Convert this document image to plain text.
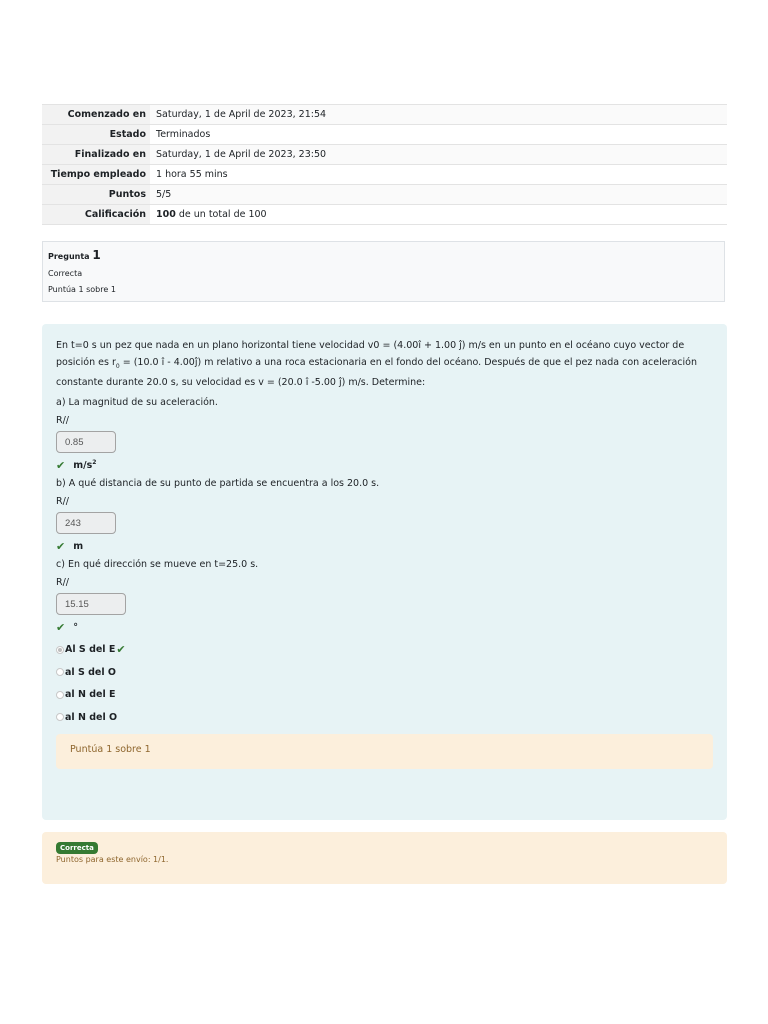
Comenzado en	Saturday, 1 de April de 2023, 21:54
Estado	Terminados
Finalizado en	Saturday, 1 de April de 2023, 23:50
Tiempo empleado	1 hora 55 mins
Puntos	5/5
Calificación	100 de un total de 100
Pregunta 1
Correcta
Puntúa 1 sobre 1

En t=0 s un pez que nada en un plano horizontal tiene velocidad v0 = (4.00î + 1.00 ĵ) m/s en un punto en el océano cuyo vector de posición es $r_0 = (10.0$ î - 4.00ĵ) m relativo a una roca estacionaria en el fondo del océano. Después de que el pez nada con aceleración constante durante 20.0 s, su velocidad es v = (20.0 î -5.00 ĵ) m/s. Determine:

a) La magnitud de su aceleración.

R//

0.85
✔ $m/s^2$

b) A qué distancia de su punto de partida se encuentra a los 20.0 s.

R//

243
✔ m

c) En qué dirección se mueve en t=25.0 s.

R//

15.15
✔ °
Al S del E ✔
al S del O
al N del E
al N del O
Puntúa 1 sobre 1
Correcta
Puntos para este envío: 1/1.
